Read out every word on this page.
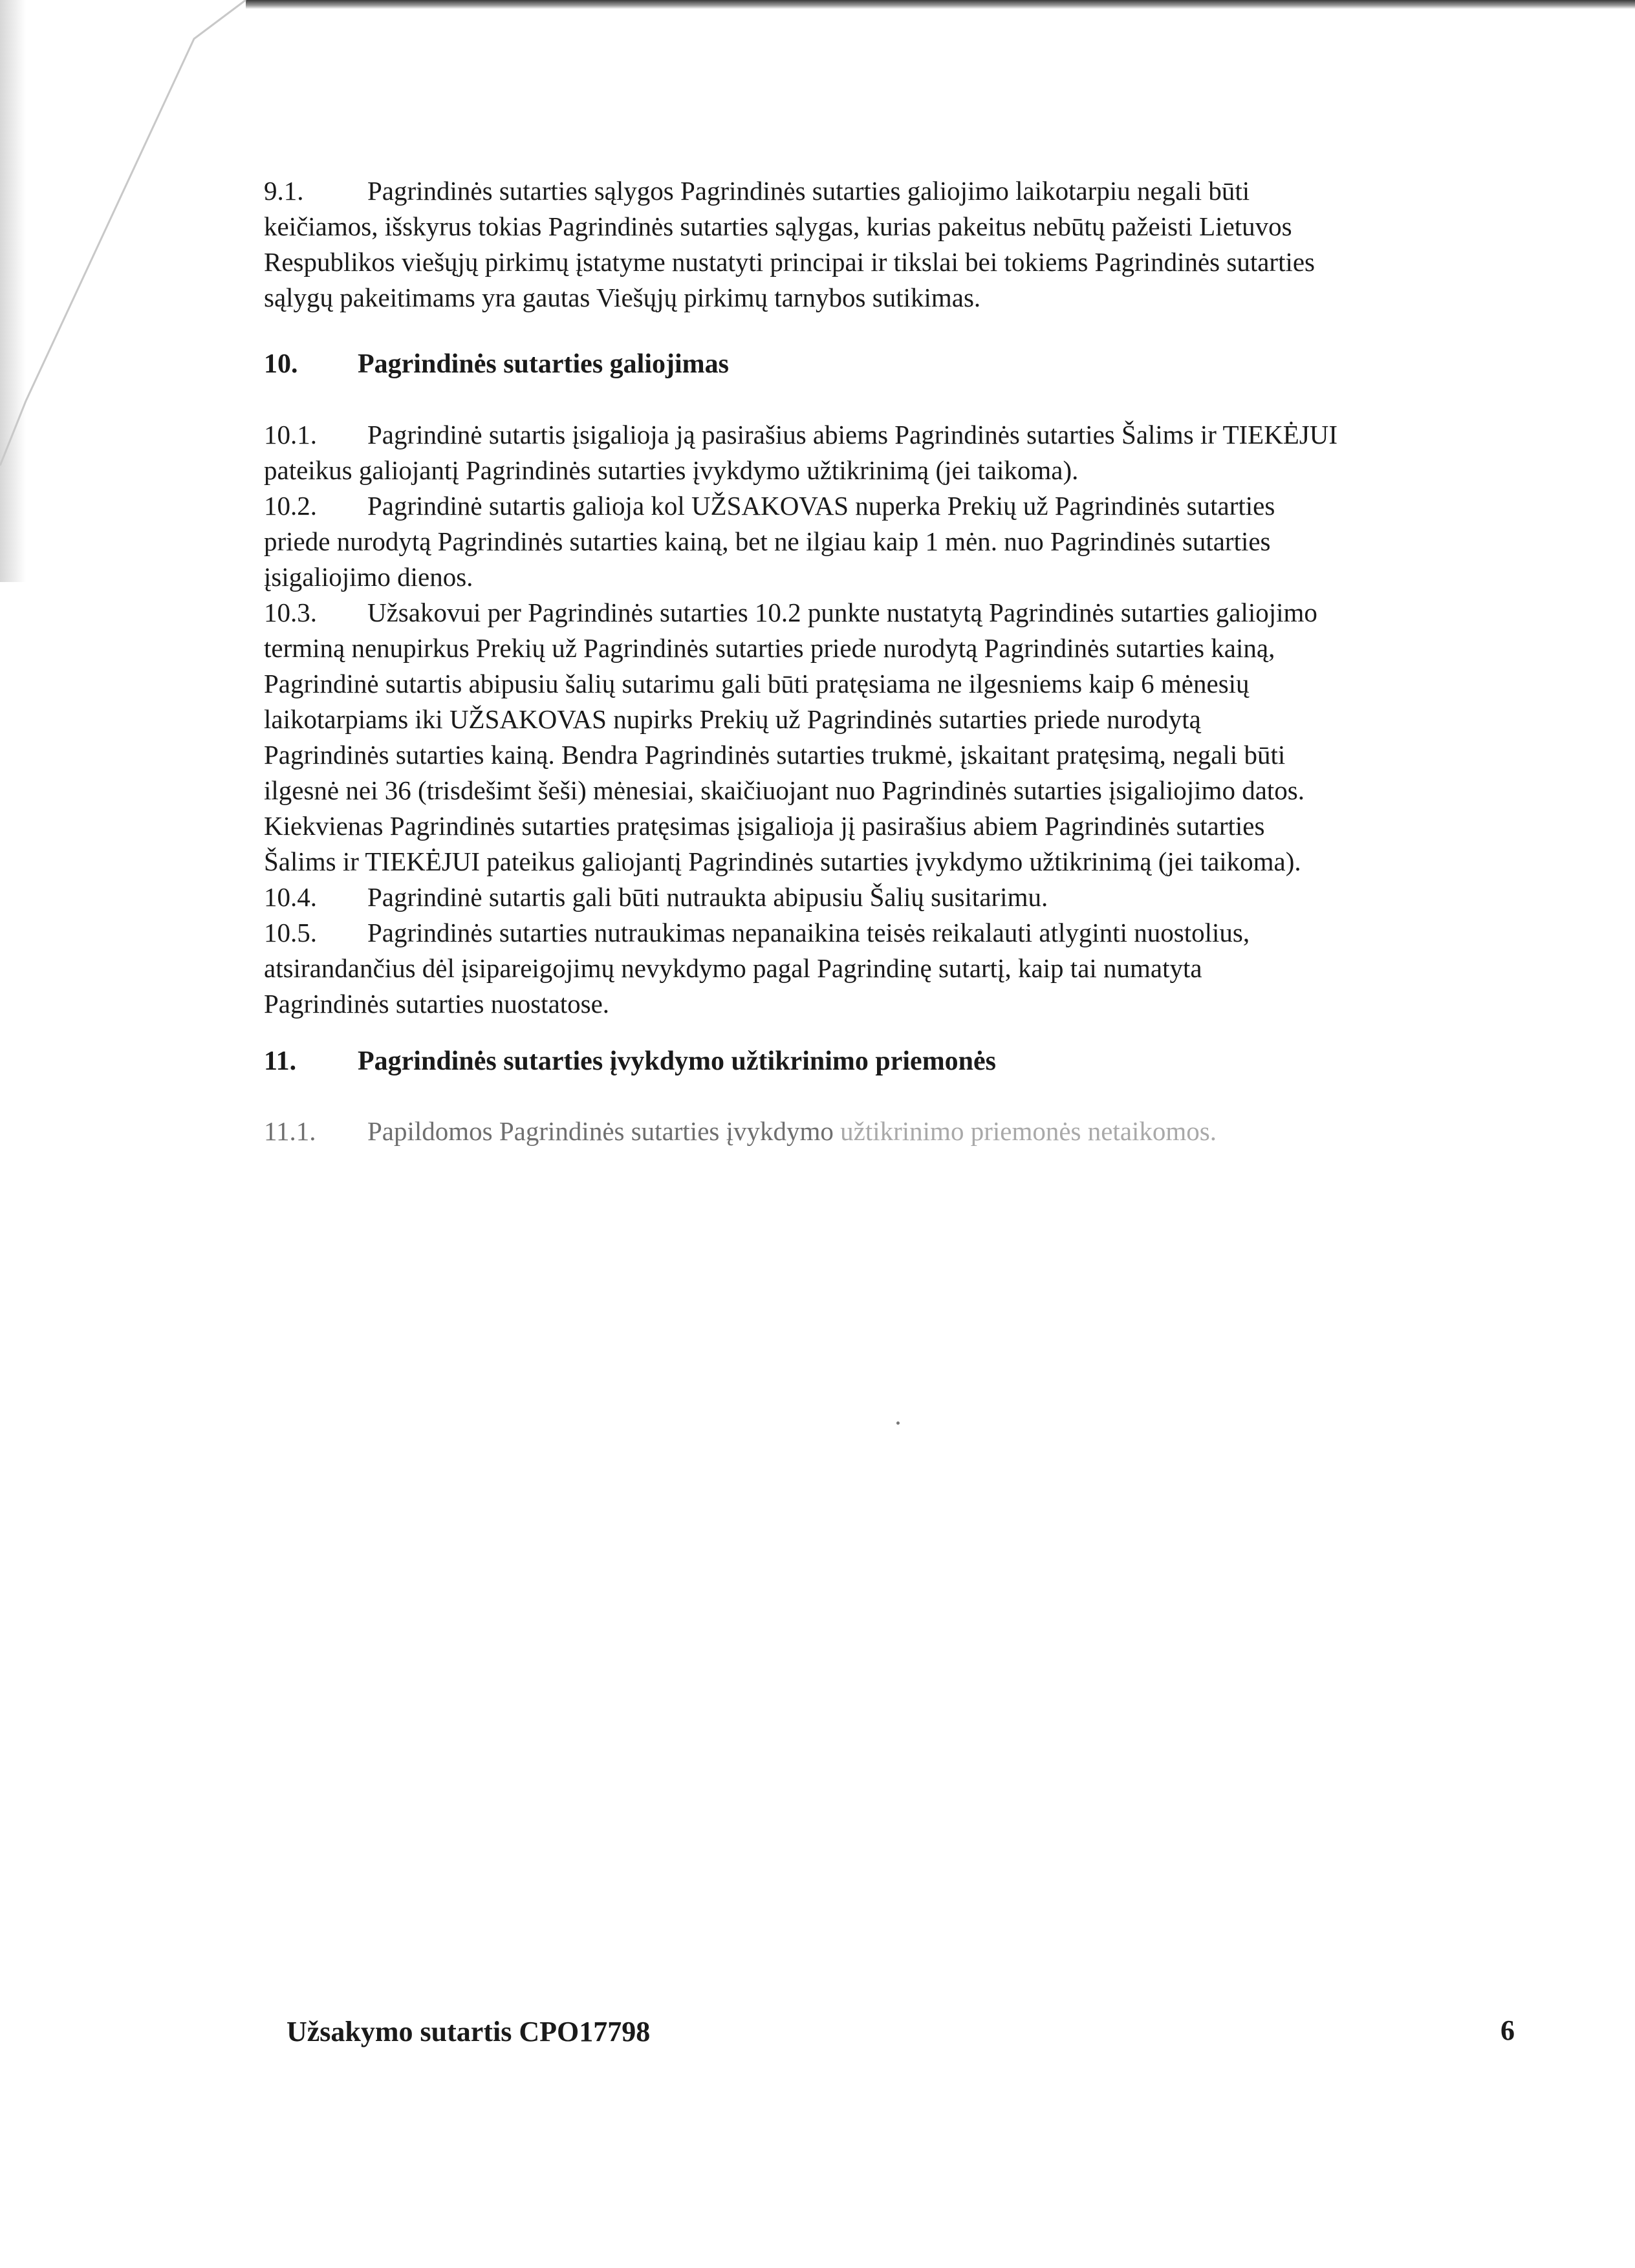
9.1. Pagrindinės sutarties sąlygos Pagrindinės sutarties galiojimo laikotarpiu negali būti

keičiamos, išskyrus tokias Pagrindinės sutarties sąlygas, kurias pakeitus nebūtų pažeisti Lietuvos

Respublikos viešųjų pirkimų įstatyme nustatyti principai ir tikslai bei tokiems Pagrindinės sutarties

sąlygų pakeitimams yra gautas Viešųjų pirkimų tarnybos sutikimas.

10. Pagrindinės sutarties galiojimas

10.1. Pagrindinė sutartis įsigalioja ją pasirašius abiems Pagrindinės sutarties Šalims ir TIEKĖJUI

pateikus galiojantį Pagrindinės sutarties įvykdymo užtikrinimą (jei taikoma).

10.2. Pagrindinė sutartis galioja kol UŽSAKOVAS nuperka Prekių už Pagrindinės sutarties

priede nurodytą Pagrindinės sutarties kainą, bet ne ilgiau kaip 1 mėn. nuo Pagrindinės sutarties

įsigaliojimo dienos.

10.3. Užsakovui per Pagrindinės sutarties 10.2 punkte nustatytą Pagrindinės sutarties galiojimo

terminą nenupirkus Prekių už Pagrindinės sutarties priede nurodytą Pagrindinės sutarties kainą,

Pagrindinė sutartis abipusiu šalių sutarimu gali būti pratęsiama ne ilgesniems kaip 6 mėnesių

laikotarpiams iki UŽSAKOVAS nupirks Prekių už Pagrindinės sutarties priede nurodytą

Pagrindinės sutarties kainą. Bendra Pagrindinės sutarties trukmė, įskaitant pratęsimą, negali būti

ilgesnė nei 36 (trisdešimt šeši) mėnesiai, skaičiuojant nuo Pagrindinės sutarties įsigaliojimo datos.

Kiekvienas Pagrindinės sutarties pratęsimas įsigalioja jį pasirašius abiem Pagrindinės sutarties

Šalims ir TIEKĖJUI pateikus galiojantį Pagrindinės sutarties įvykdymo užtikrinimą (jei taikoma).

10.4. Pagrindinė sutartis gali būti nutraukta abipusiu Šalių susitarimu.

10.5. Pagrindinės sutarties nutraukimas nepanaikina teisės reikalauti atlyginti nuostolius,

atsirandančius dėl įsipareigojimų nevykdymo pagal Pagrindinę sutartį, kaip tai numatyta

Pagrindinės sutarties nuostatose.

11. Pagrindinės sutarties įvykdymo užtikrinimo priemonės

11.1. Papildomos Pagrindinės sutarties įvykdymo užtikrinimo priemonės netaikomos.

Užsakymo sutartis CPO17798	6
